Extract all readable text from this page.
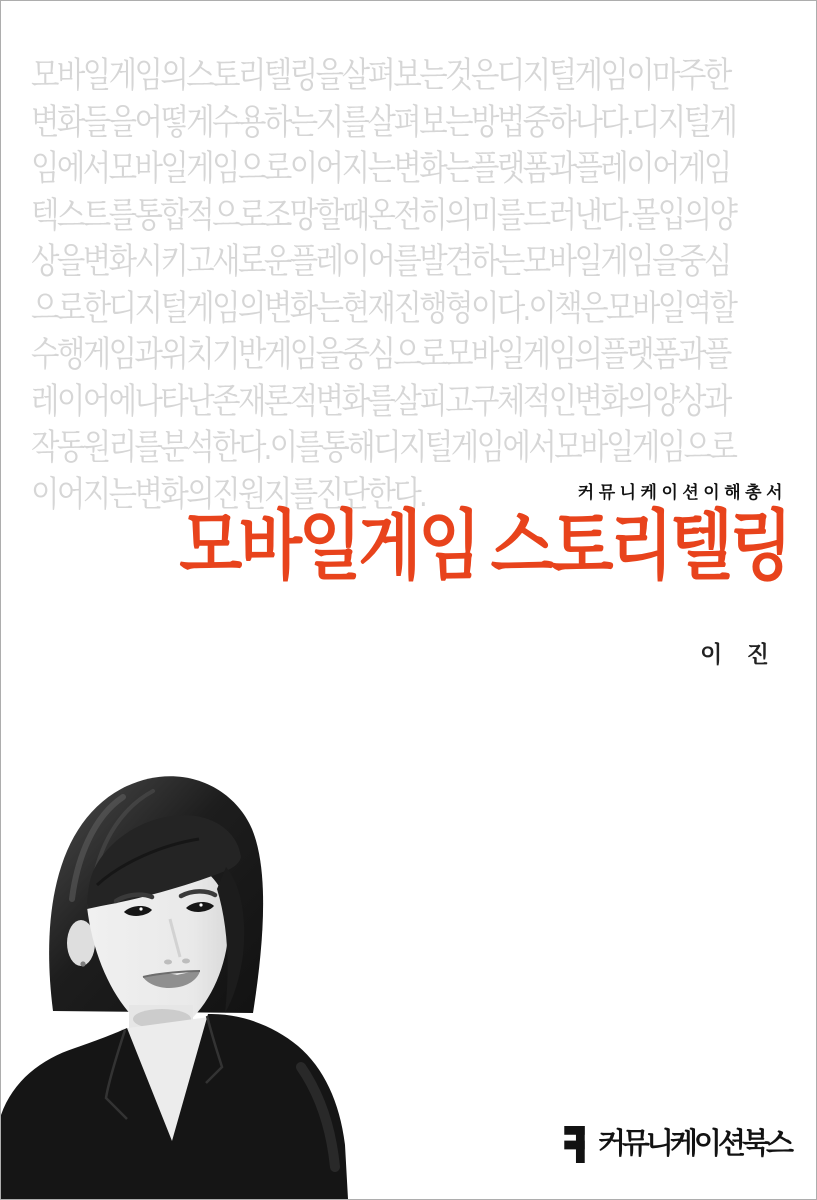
모바일게임의스토리텔링을살펴보는것은디지털게임이마주한
변화들을어떻게수용하는지를살펴보는방법중하나다.디지털게
임에서모바일게임으로이어지는변화는플랫폼과플레이어게임
텍스트를통합적으로조망할때온전히의미를드러낸다.몰입의양
상을변화시키고새로운플레이어를발견하는모바일게임을중심
으로한디지털게임의변화는현재진행형이다.이책은모바일역할
수행게임과위치기반게임을중심으로모바일게임의플랫폼과플
레이어에나타난존재론적변화를살피고구체적인변화의양상과
작동원리를분석한다.이를통해디지털게임에서모바일게임으로
이어지는변화의진원지를진단한다.	커뮤니케이션이해총서
모바일게임 스토리텔링
이 진
커뮤니케이션북스
